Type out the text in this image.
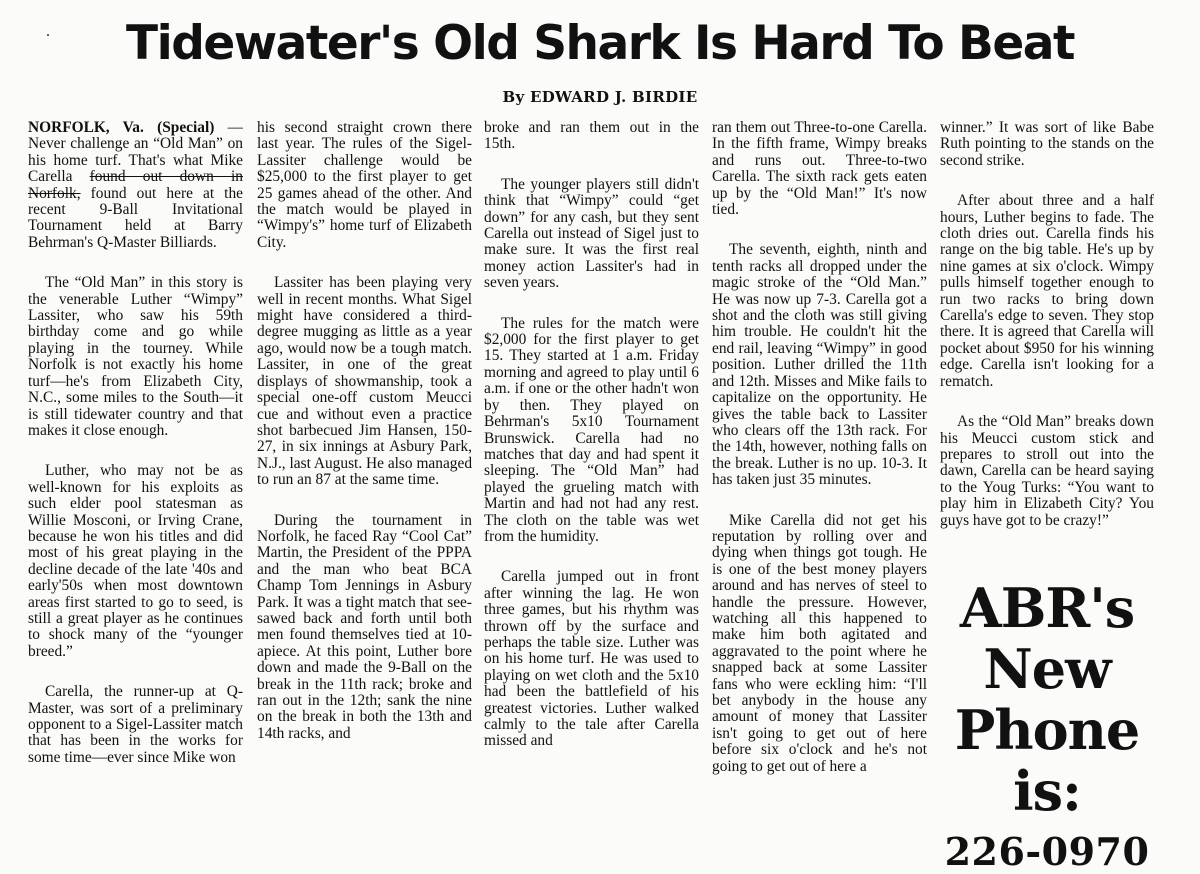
Tidewater's Old Shark Is Hard To Beat
By EDWARD J. BIRDIE

NORFOLK, Va. (Special) —Never challenge an “Old Man” on his home turf. That's what Mike Carella found out down in Norfolk, found out here at the recent 9-Ball Invitational Tournament held at Barry Behrman's Q-Master Billiards.

The “Old Man” in this story is the venerable Luther “Wimpy” Lassiter, who saw his 59th birthday come and go while playing in the tourney. While Norfolk is not exactly his home turf—he's from Elizabeth City, N.C., some miles to the South—it is still tidewater country and that makes it close enough.

Luther, who may not be as well-known for his exploits as such elder pool statesman as Willie Mosconi, or Irving Crane, because he won his titles and did most of his great playing in the decline decade of the late '40s and early'50s when most downtown areas first started to go to seed, is still a great player as he continues to shock many of the “younger breed.”

Carella, the runner-up at Q-Master, was sort of a preliminary opponent to a Sigel-Lassiter match that has been in the works for some time—ever since Mike won

his second straight crown there last year. The rules of the Sigel-Lassiter challenge would be $25,000 to the first player to get 25 games ahead of the other. And the match would be played in “Wimpy's” home turf of Elizabeth City.

Lassiter has been playing very well in recent months. What Sigel might have considered a third-degree mugging as little as a year ago, would now be a tough match. Lassiter, in one of the great displays of showmanship, took a special one-off custom Meucci cue and without even a practice shot barbecued Jim Hansen, 150-27, in six innings at Asbury Park, N.J., last August. He also managed to run an 87 at the same time.

During the tournament in Norfolk, he faced Ray “Cool Cat” Martin, the President of the PPPA and the man who beat BCA Champ Tom Jennings in Asbury Park. It was a tight match that see-sawed back and forth until both men found themselves tied at 10-apiece. At this point, Luther bore down and made the 9-Ball on the break in the 11th rack; broke and ran out in the 12th; sank the nine on the break in both the 13th and 14th racks, and

broke and ran them out in the 15th.

The younger players still didn't think that “Wimpy” could “get down” for any cash, but they sent Carella out instead of Sigel just to make sure. It was the first real money action Lassiter's had in seven years.

The rules for the match were $2,000 for the first player to get 15. They started at 1 a.m. Friday morning and agreed to play until 6 a.m. if one or the other hadn't won by then. They played on Behrman's 5x10 Tournament Brunswick. Carella had no matches that day and had spent it sleeping. The “Old Man” had played the grueling match with Martin and had not had any rest. The cloth on the table was wet from the humidity.

Carella jumped out in front after winning the lag. He won three games, but his rhythm was thrown off by the surface and perhaps the table size. Luther was on his home turf. He was used to playing on wet cloth and the 5x10 had been the battlefield of his greatest victories. Luther walked calmly to the tale after Carella missed and

ran them out Three-to-one Carella. In the fifth frame, Wimpy breaks and runs out. Three-to-two Carella. The sixth rack gets eaten up by the “Old Man!” It's now tied.

The seventh, eighth, ninth and tenth racks all dropped under the magic stroke of the “Old Man.” He was now up 7-3. Carella got a shot and the cloth was still giving him trouble. He couldn't hit the end rail, leaving “Wimpy” in good position. Luther drilled the 11th and 12th. Misses and Mike fails to capitalize on the opportunity. He gives the table back to Lassiter who clears off the 13th rack. For the 14th, however, nothing falls on the break. Luther is no up. 10-3. It has taken just 35 minutes.

Mike Carella did not get his reputation by rolling over and dying when things got tough. He is one of the best money players around and has nerves of steel to handle the pressure. However, watching all this happened to make him both agitated and aggravated to the point where he snapped back at some Lassiter fans who were eckling him: “I'll bet anybody in the house any amount of money that Lassiter isn't going to get out of here before six o'clock and he's not going to get out of here a

winner.” It was sort of like Babe Ruth pointing to the stands on the second strike.

After about three and a half hours, Luther begins to fade. The cloth dries out. Carella finds his range on the big table. He's up by nine games at six o'clock. Wimpy pulls himself together enough to run two racks to bring down Carella's edge to seven. They stop there. It is agreed that Carella will pocket about $950 for his winning edge. Carella isn't looking for a rematch.

As the “Old Man” breaks down his Meucci custom stick and prepares to stroll out into the dawn, Carella can be heard saying to the Youg Turks: “You want to play him in Elizabeth City? You guys have got to be crazy!”

ABR's
New
Phone
is:
226-0970
